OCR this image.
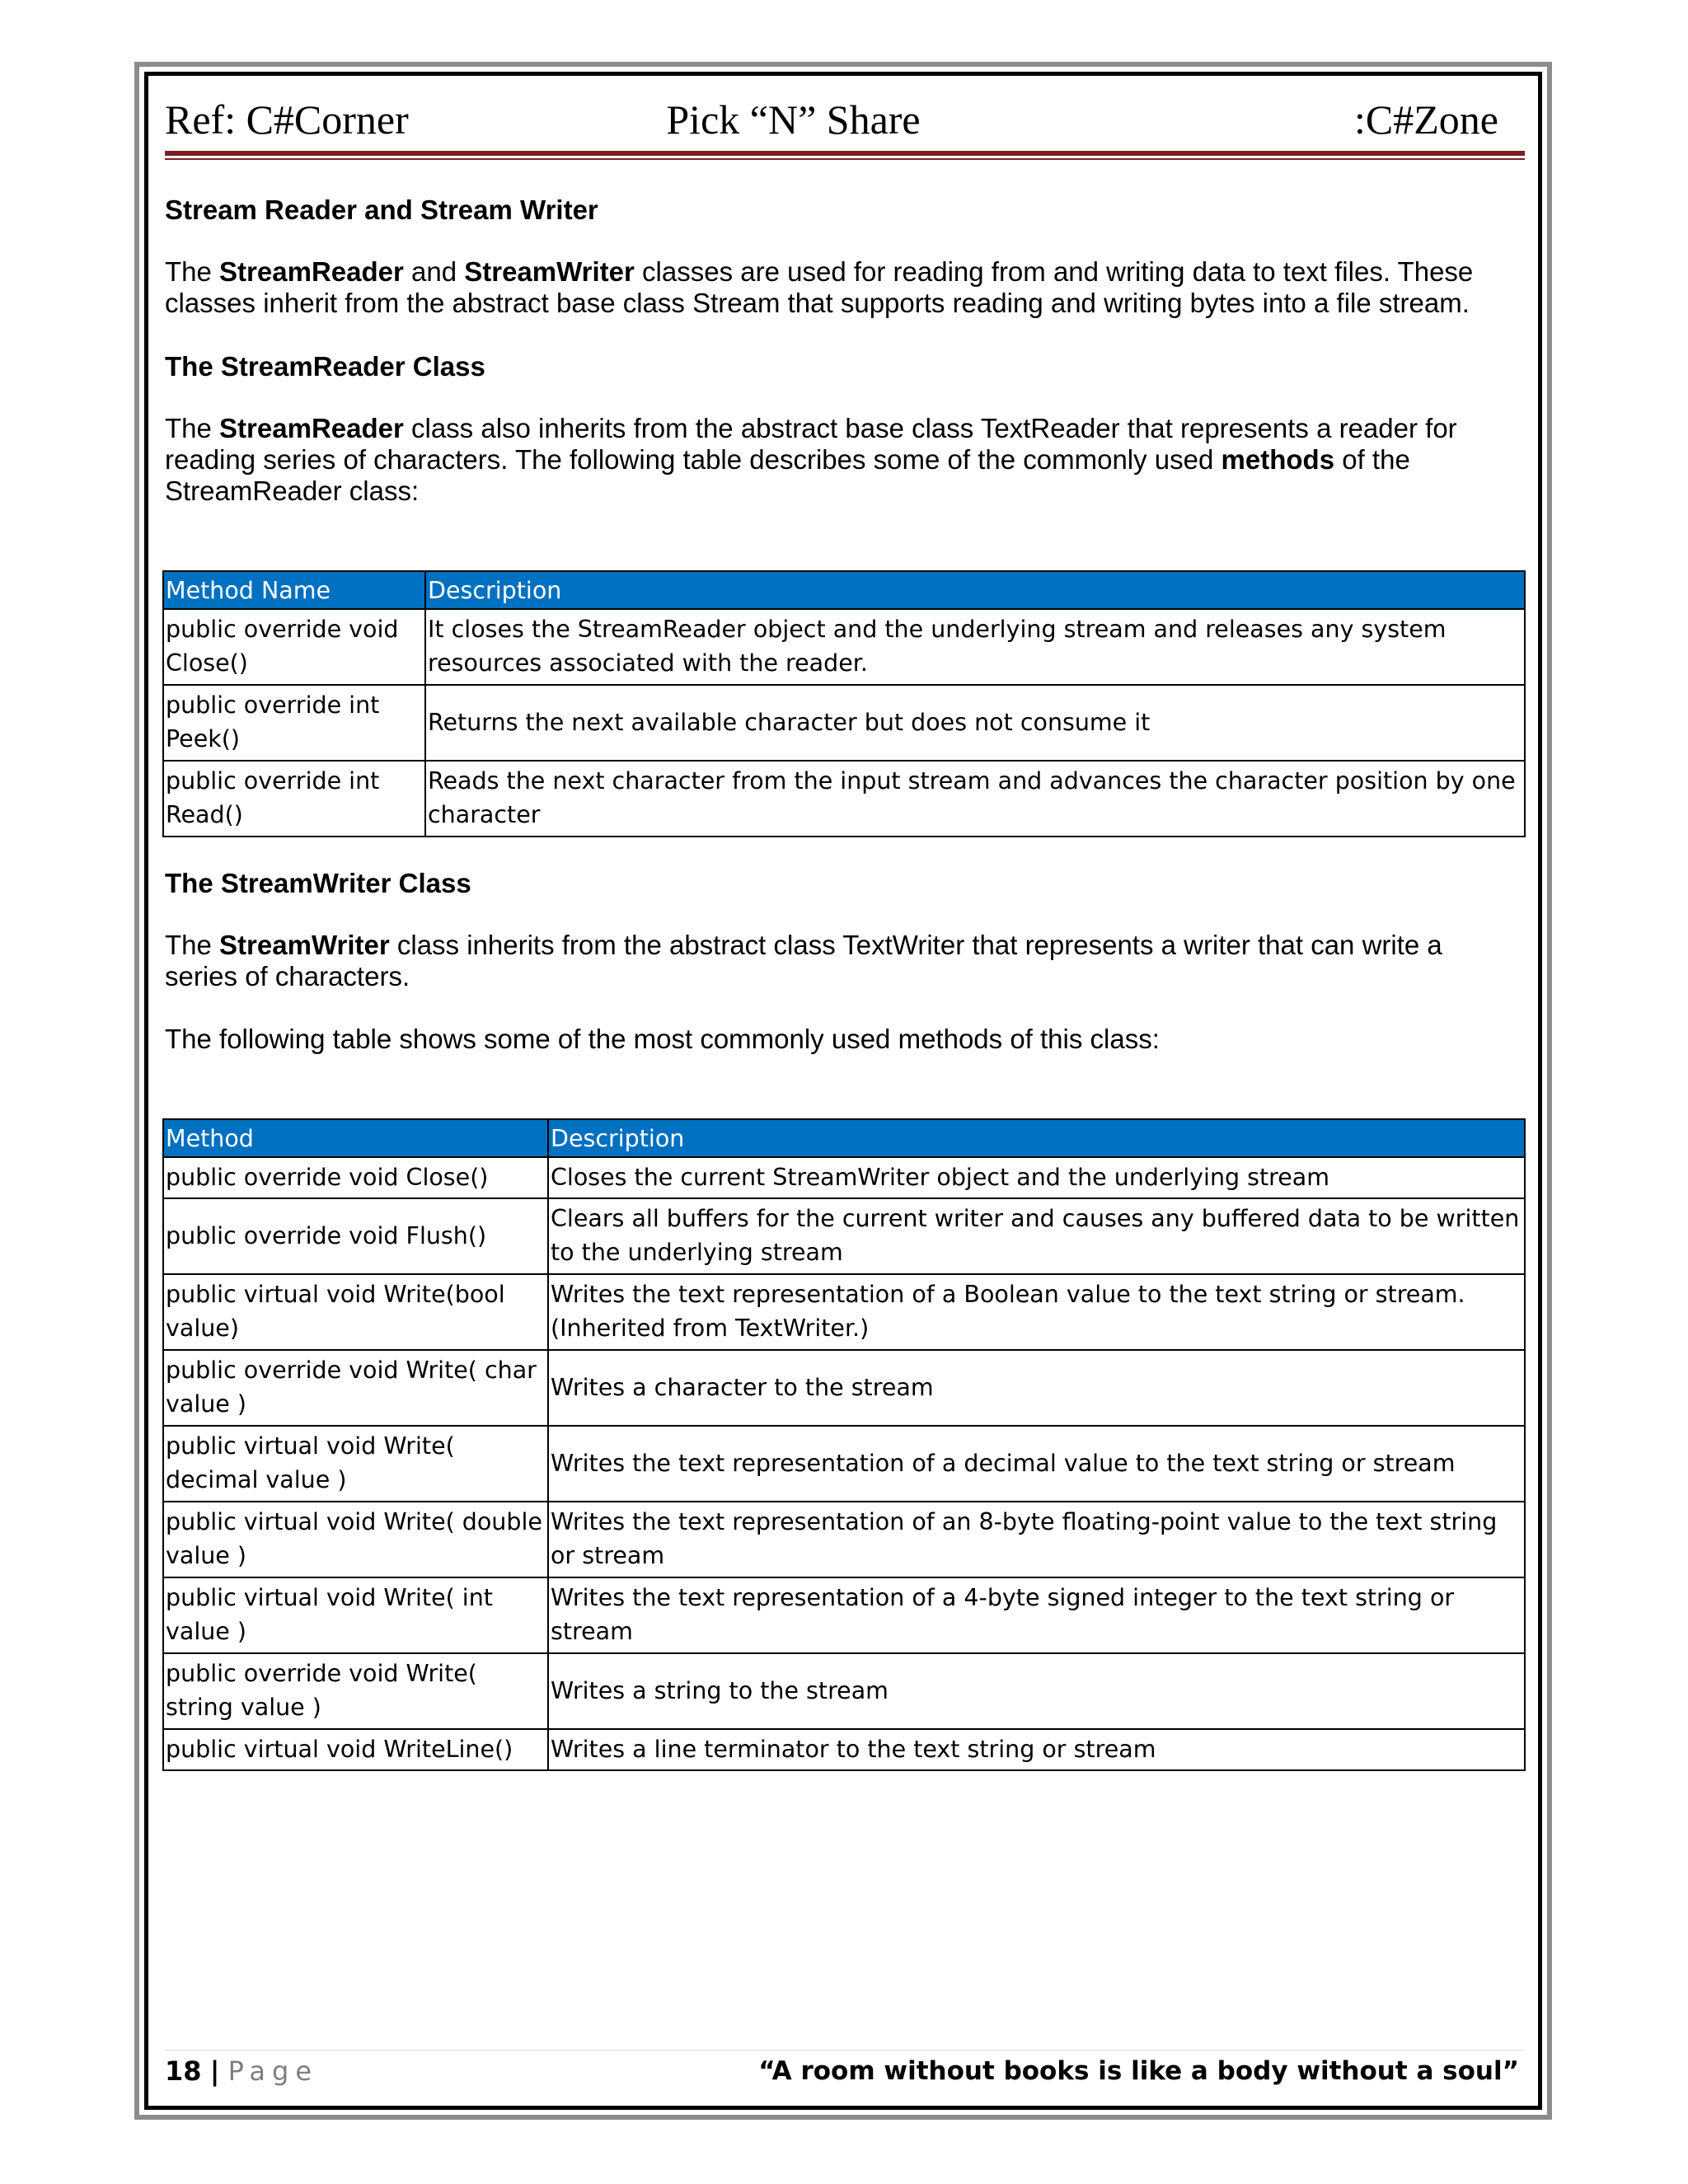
Ref: C#Corner	Pick “N” Share	:C#Zone
Stream Reader and Stream Writer
The StreamReader and StreamWriter classes are used for reading from and writing data to text files. These classes inherit from the abstract base class Stream that supports reading and writing bytes into a file stream.
The StreamReader Class
The StreamReader class also inherits from the abstract base class TextReader that represents a reader for reading series of characters. The following table describes some of the commonly used methods of the StreamReader class:
Method Name	Description
public override void Close()	It closes the StreamReader object and the underlying stream and releases any system resources associated with the reader.
public override int Peek()	Returns the next available character but does not consume it
public override int Read()	Reads the next character from the input stream and advances the character position by one character
The StreamWriter Class
The StreamWriter class inherits from the abstract class TextWriter that represents a writer that can write a series of characters.
The following table shows some of the most commonly used methods of this class:
Method	Description
public override void Close()	Closes the current StreamWriter object and the underlying stream
public override void Flush()	Clears all buffers for the current writer and causes any buffered data to be written to the underlying stream
public virtual void Write(bool value)	Writes the text representation of a Boolean value to the text string or stream. (Inherited from TextWriter.)
public override void Write( char value )	Writes a character to the stream
public virtual void Write( decimal value )	Writes the text representation of a decimal value to the text string or stream
public virtual void Write( double value )	Writes the text representation of an 8-byte floating-point value to the text string or stream
public virtual void Write( int value )	Writes the text representation of a 4-byte signed integer to the text string or stream
public override void Write( string value )	Writes a string to the stream
public virtual void WriteLine()	Writes a line terminator to the text string or stream
18 | Page	“A room without books is like a body without a soul”
